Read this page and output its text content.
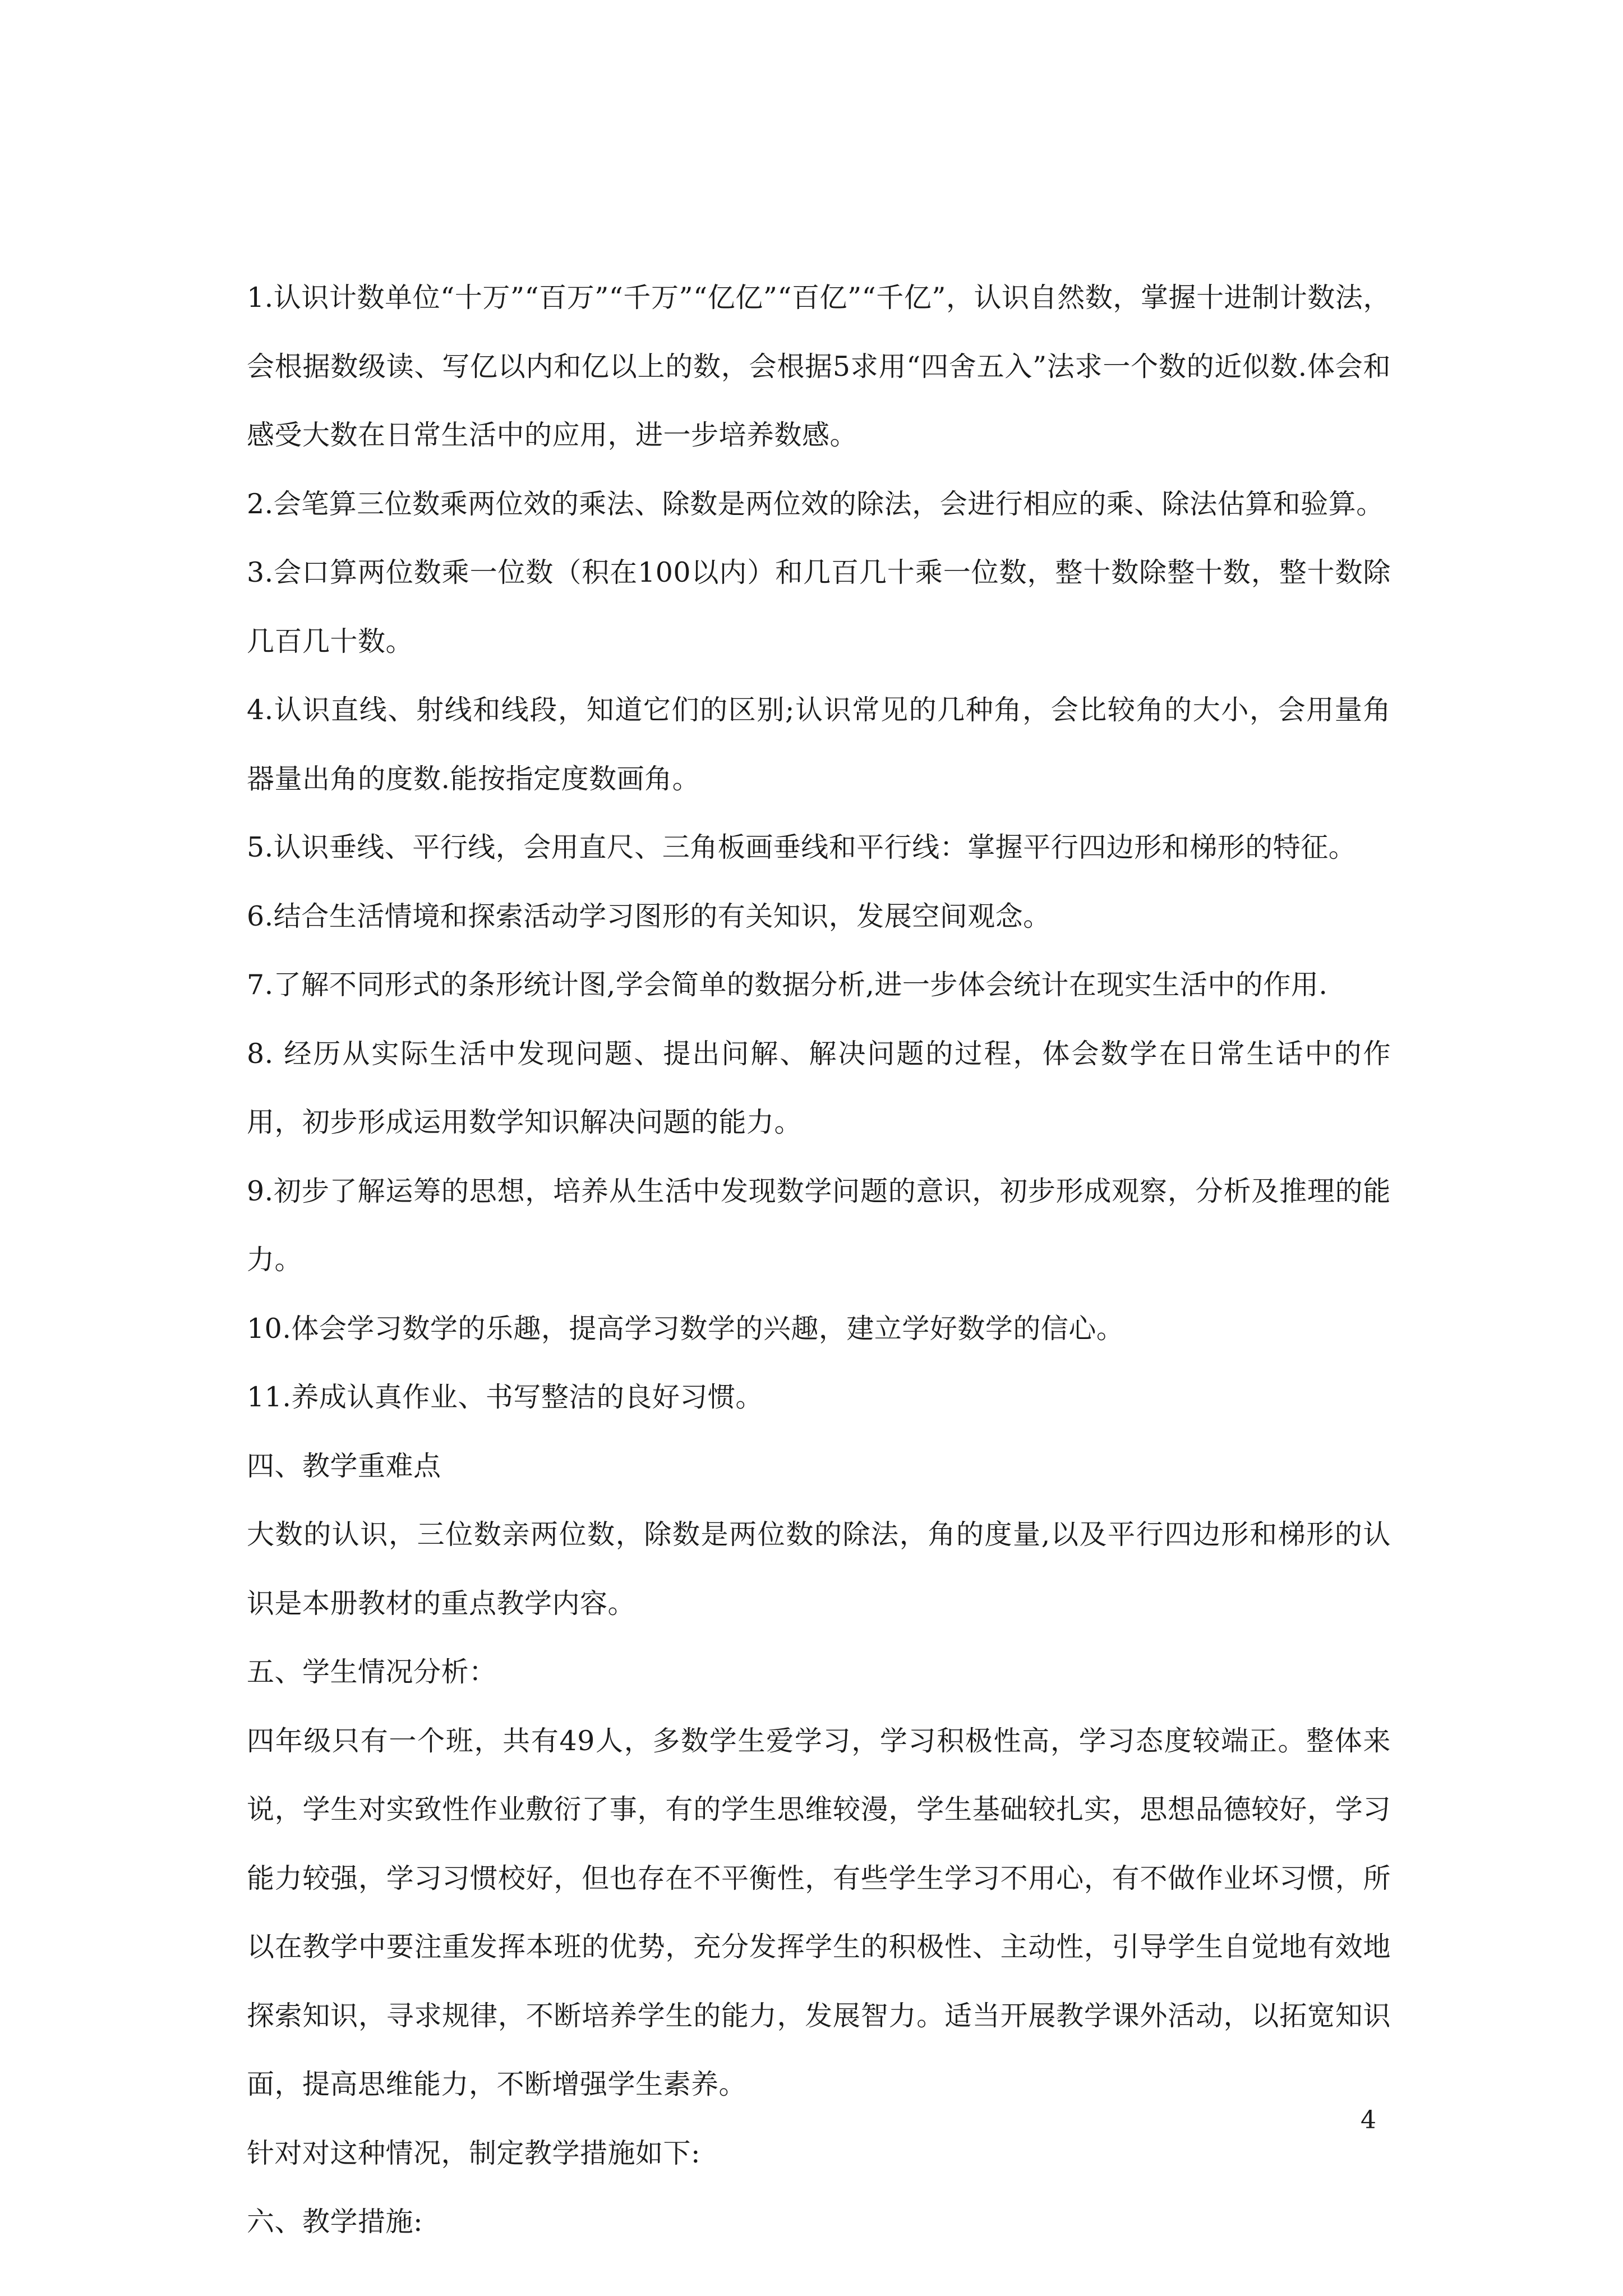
1.认识计数单位“十万”“百万”“千万”“亿亿”“百亿”“千亿”，认识自然数，掌握十进制计数法，会根据数级读、写亿以内和亿以上的数，会根据5求用“四舍五入”法求一个数的近似数.体会和 感受大数在日常生活中的应用，进一步培养数感。

2.会笔算三位数乘两位效的乘法、除数是两位效的除法，会进行相应的乘、除法估算和验算。

3.会口算两位数乘一位数（积在100以内）和几百几十乘一位数，整十数除整十数，整十数除几百几十数。

4.认识直线、射线和线段，知道它们的区别;认识常见的几种角，会比较角的大小，会用量角器量出角的度数.能按指定度数画角。

5.认识垂线、平行线，会用直尺、三角板画垂线和平行线：掌握平行四边形和梯形的特征。

6.结合生活情境和探索活动学习图形的有关知识，发展空间观念。

7.了解不同形式的条形统计图,学会简单的数据分析,进一步体会统计在现实生活中的作用.

8. 经历从实际生活中发现问题、提出问解、解决问题的过程，体会数学在日常生话中的作用，初步形成运用数学知识解决问题的能力。

9.初步了解运筹的思想，培养从生活中发现数学问题的意识，初步形成观察，分析及推理的能力。

10.体会学习数学的乐趣，提高学习数学的兴趣，建立学好数学的信心。

11.养成认真作业、书写整洁的良好习惯。

四、教学重难点

大数的认识，三位数亲两位数，除数是两位数的除法，角的度量,以及平行四边形和梯形的认识是本册教材的重点教学内容。

五、学生情况分析：

四年级只有一个班，共有49人，多数学生爱学习，学习积极性高，学习态度较端正。整体来说，学生对实致性作业敷衍了事，有的学生思维较漫，学生基础较扎实，思想品德较好，学习能力较强，学习习惯校好，但也存在不平衡性，有些学生学习不用心，有不做作业坏习惯，所以在教学中要注重发挥本班的优势，充分发挥学生的积极性、主动性，引导学生自觉地有效地探索知识，寻求规律，不断培养学生的能力，发展智力。适当开展教学课外活动，以拓宽知识面，提高思维能力，不断增强学生素养。

针对对这种情况，制定教学措施如下:

六、教学措施:

4
